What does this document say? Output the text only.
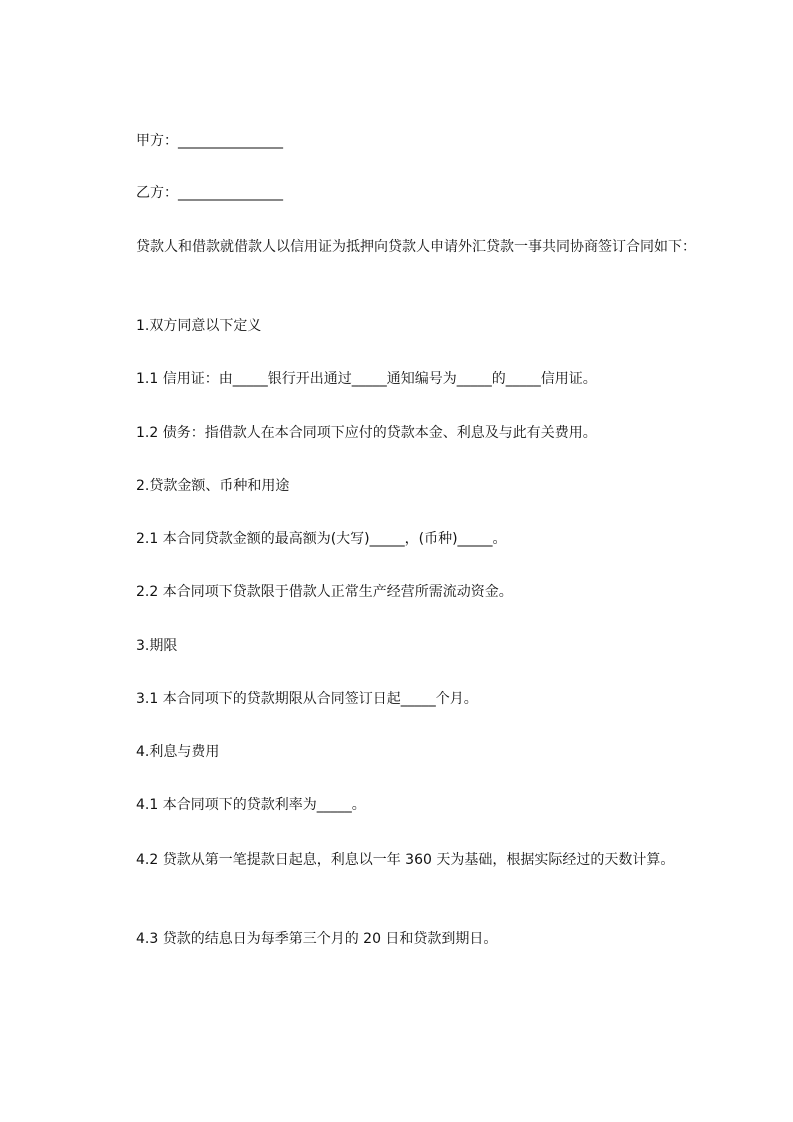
甲方：_______________
乙方：_______________
贷款人和借款就借款人以信用证为抵押向贷款人申请外汇贷款一事共同协商签订合同如下：
1.双方同意以下定义
1.1 信用证：由_____银行开出通过_____通知编号为_____的_____信用证。
1.2 债务：指借款人在本合同项下应付的贷款本金、利息及与此有关费用。
2.贷款金额、币种和用途
2.1 本合同贷款金额的最高额为(大写)_____，(币种)_____。
2.2 本合同项下贷款限于借款人正常生产经营所需流动资金。
3.期限
3.1 本合同项下的贷款期限从合同签订日起_____个月。
4.利息与费用
4.1 本合同项下的贷款利率为_____。
4.2 贷款从第一笔提款日起息，利息以一年 360 天为基础，根据实际经过的天数计算。
4.3 贷款的结息日为每季第三个月的 20 日和贷款到期日。
